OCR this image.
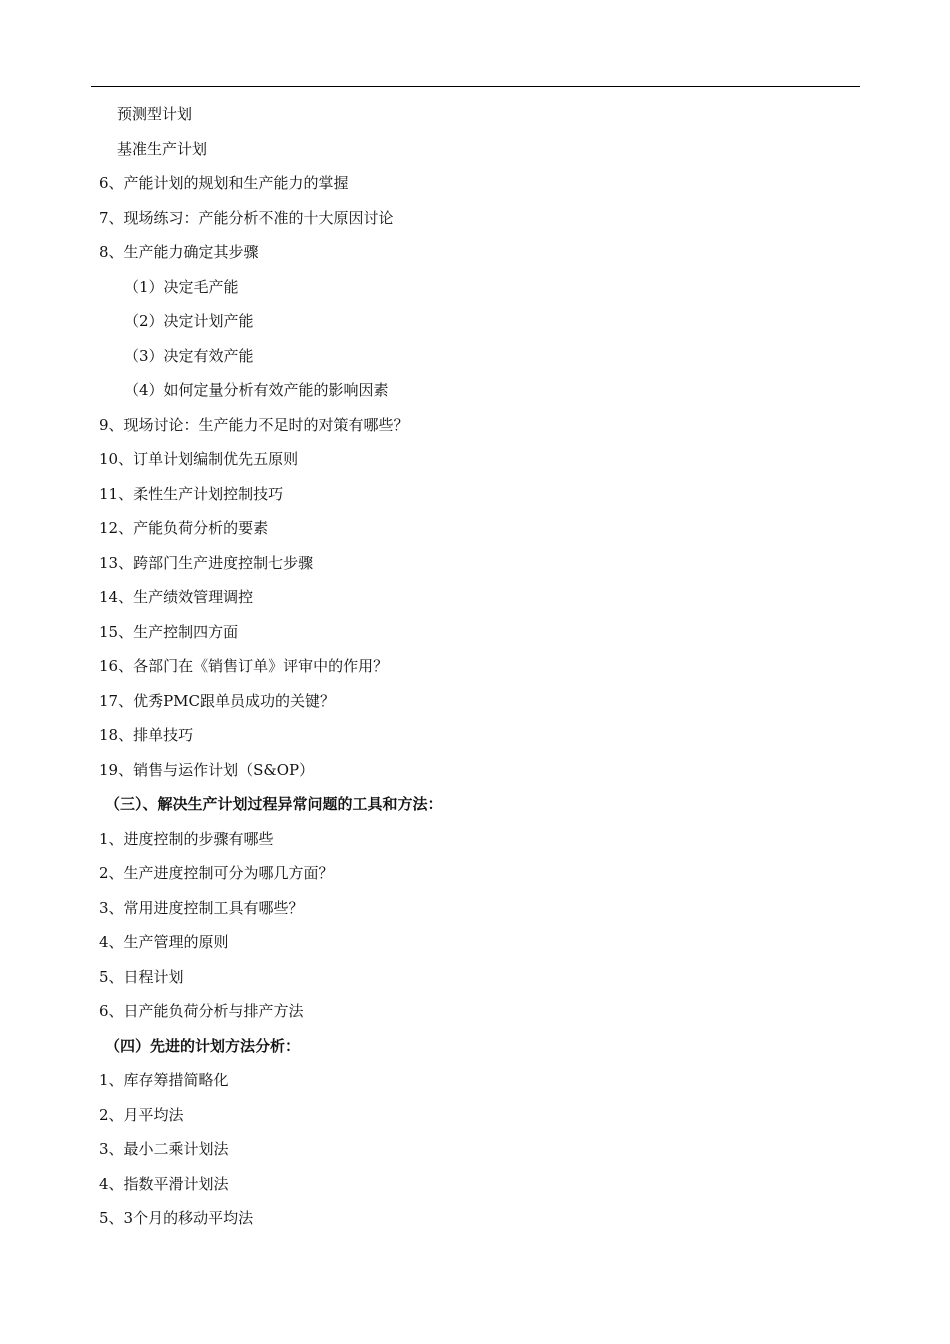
预测型计划
基准生产计划
6、产能计划的规划和生产能力的掌握
7、现场练习：产能分析不准的十大原因讨论
8、生产能力确定其步骤
（1）决定毛产能
（2）决定计划产能
（3）决定有效产能
（4）如何定量分析有效产能的影响因素
9、现场讨论：生产能力不足时的对策有哪些？
10、订单计划编制优先五原则
11、柔性生产计划控制技巧
12、产能负荷分析的要素
13、跨部门生产进度控制七步骤
14、生产绩效管理调控
15、生产控制四方面
16、各部门在《销售订单》评审中的作用？
17、优秀PMC跟单员成功的关键？
18、排单技巧
19、销售与运作计划（S&OP）
（三）、解决生产计划过程异常问题的工具和方法：
1、进度控制的步骤有哪些
2、生产进度控制可分为哪几方面？
3、常用进度控制工具有哪些？
4、生产管理的原则
5、日程计划
6、日产能负荷分析与排产方法
（四）先进的计划方法分析：
1、库存筹措简略化
2、月平均法
3、最小二乘计划法
4、指数平滑计划法
5、3个月的移动平均法
